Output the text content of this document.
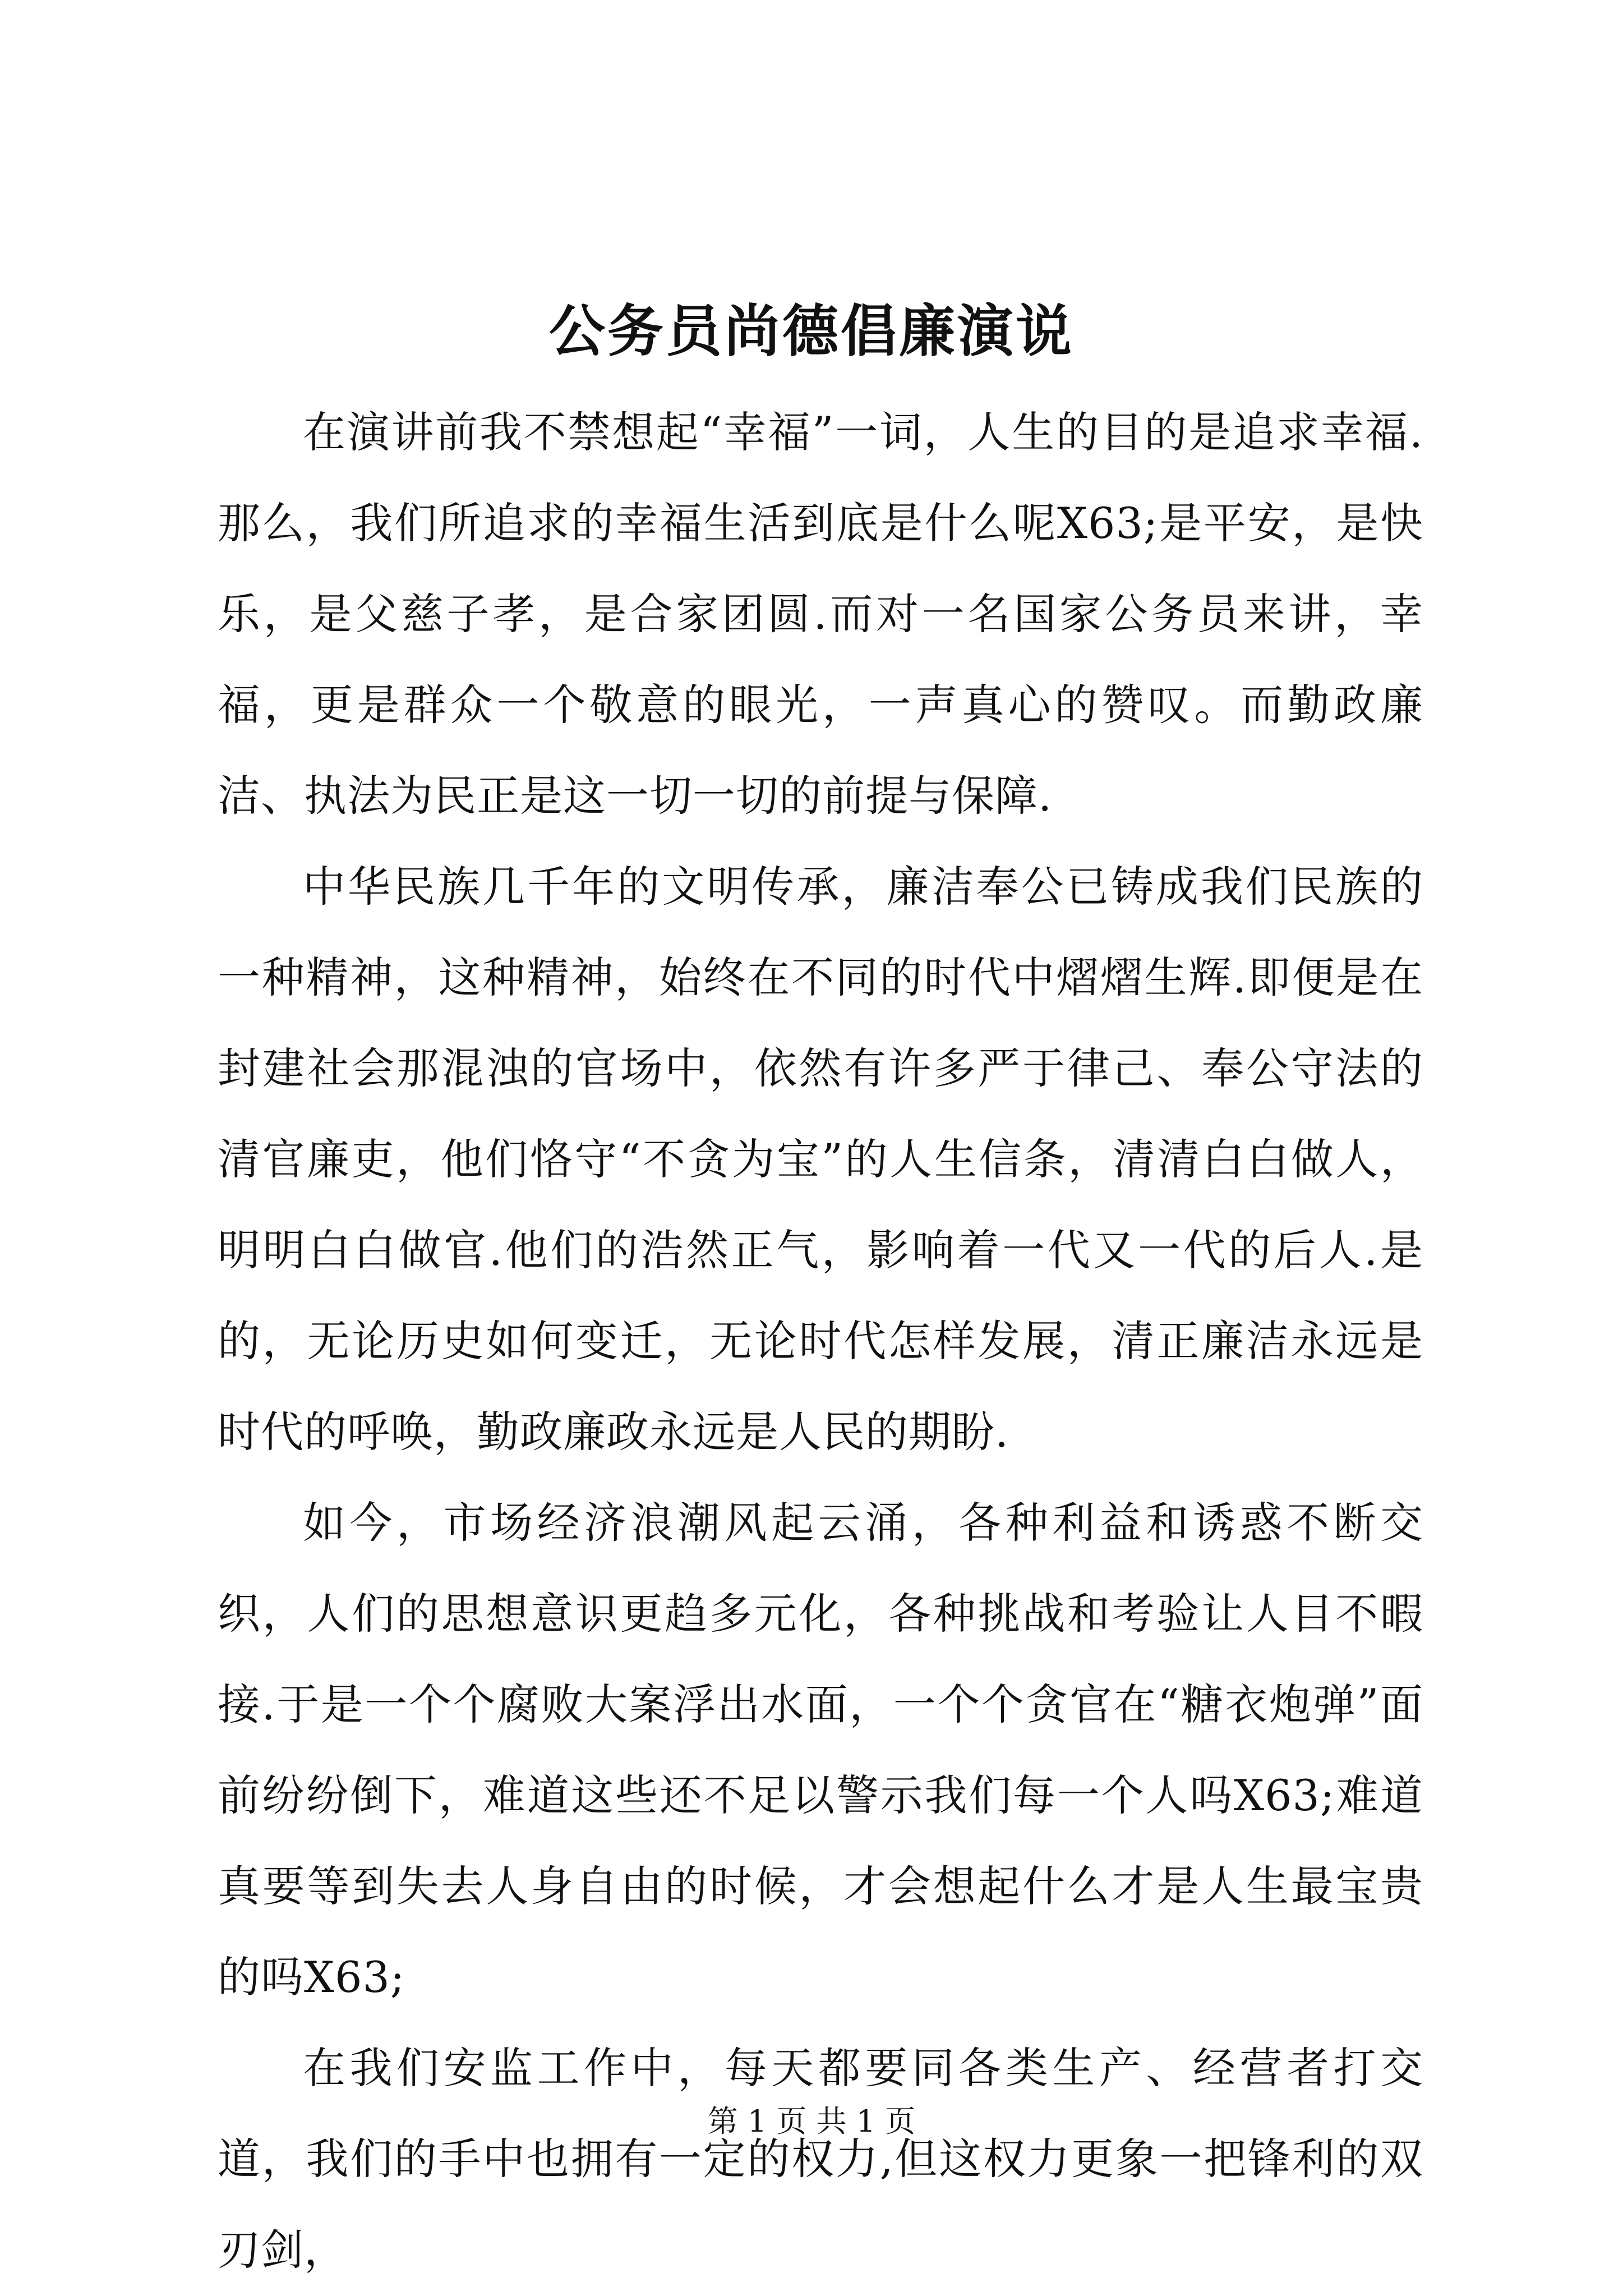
公务员尚德倡廉演说

在演讲前我不禁想起“幸福”一词，人生的目的是追求幸福.那么，我们所追求的幸福生活到底是什么呢X63;是平安，是快乐，是父慈子孝，是合家团圆.而对一名国家公务员来讲，幸福，更是群众一个敬意的眼光，一声真心的赞叹。而勤政廉洁、执法为民正是这一切一切的前提与保障.

中华民族几千年的文明传承，廉洁奉公已铸成我们民族的一种精神，这种精神，始终在不同的时代中熠熠生辉.即便是在封建社会那混浊的官场中，依然有许多严于律己、奉公守法的清官廉吏，他们恪守“不贪为宝”的人生信条，清清白白做人，明明白白做官.他们的浩然正气，影响着一代又一代的后人.是的，无论历史如何变迁，无论时代怎样发展，清正廉洁永远是时代的呼唤，勤政廉政永远是人民的期盼.

如今，市场经济浪潮风起云涌，各种利益和诱惑不断交织，人们的思想意识更趋多元化，各种挑战和考验让人目不暇接.于是一个个腐败大案浮出水面，一个个贪官在“糖衣炮弹”面前纷纷倒下，难道这些还不足以警示我们每一个人吗X63;难道真要等到失去人身自由的时候，才会想起什么才是人生最宝贵的吗X63;

在我们安监工作中，每天都要同各类生产、经营者打交道，我们的手中也拥有一定的权力,但这权力更象一把锋利的双刃剑，

第 1 页 共 1 页
